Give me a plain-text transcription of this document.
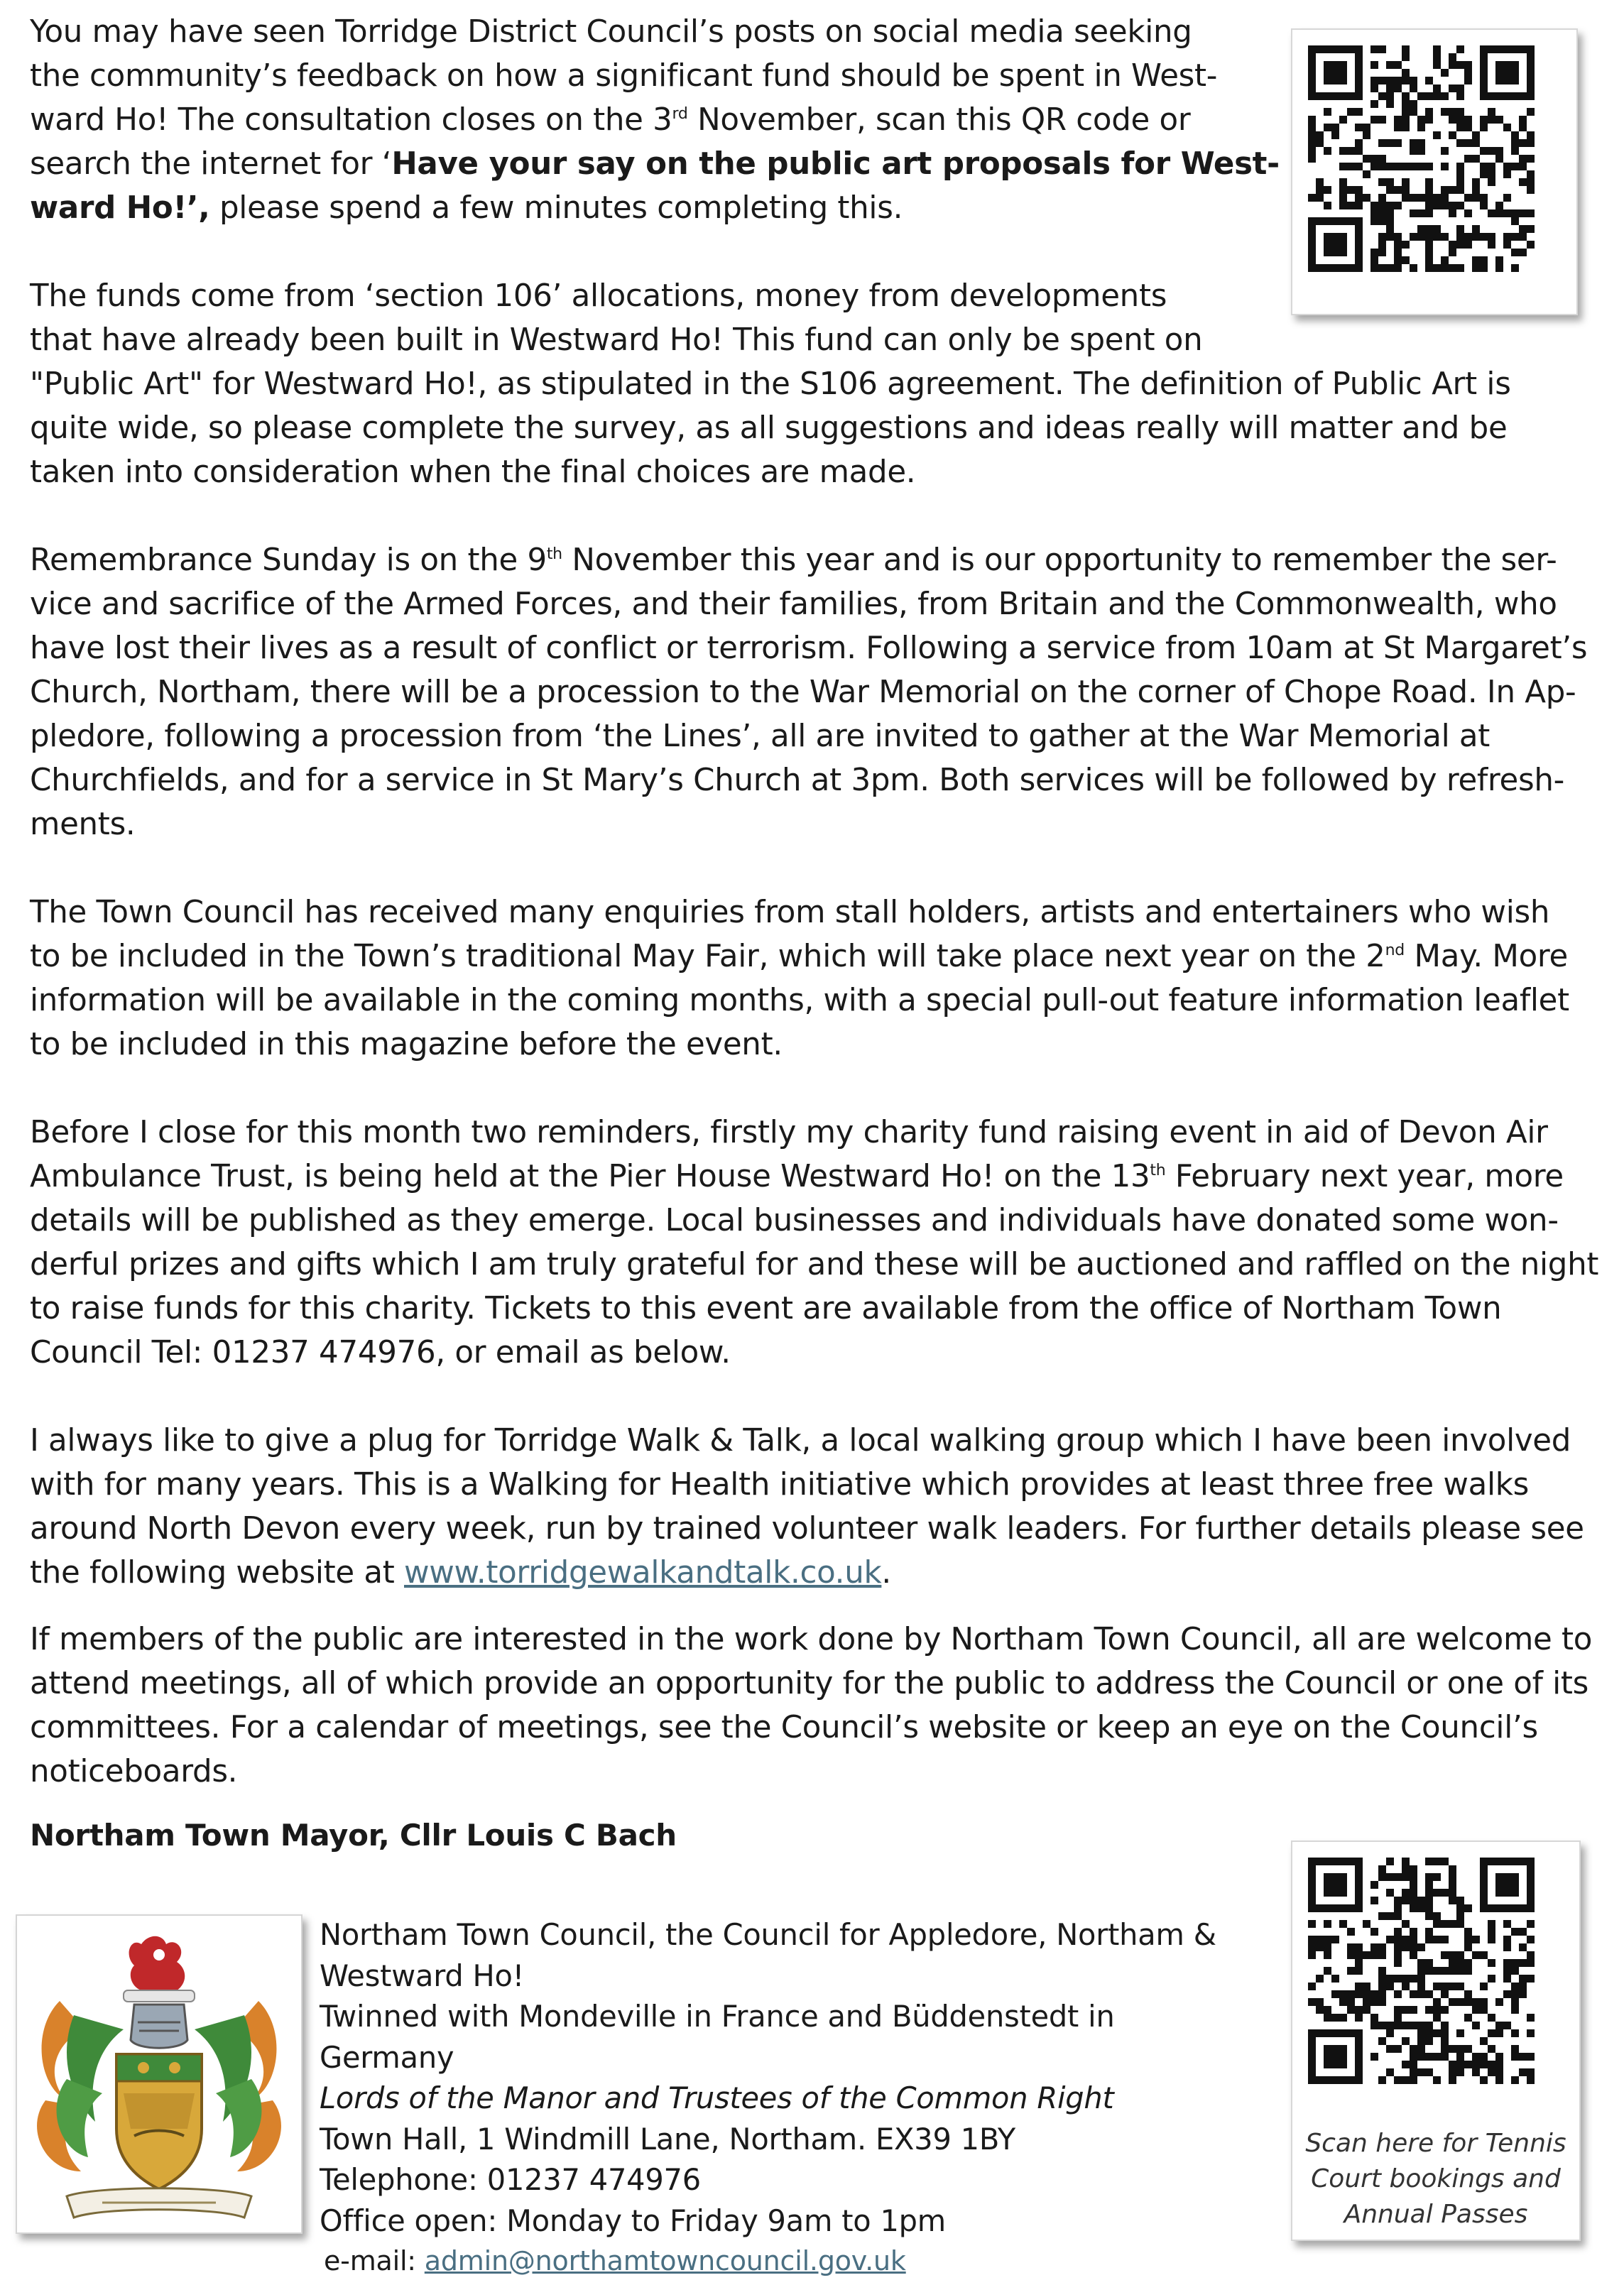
You may have seen Torridge District Council’s posts on social media seeking

the community’s feedback on how a significant fund should be spent in West-

ward Ho! The consultation closes on the 3rd November, scan this QR code or

search the internet for ‘Have your say on the public art proposals for West-

ward Ho!’, please spend a few minutes completing this.

The funds come from ‘section 106’ allocations, money from developments

that have already been built in Westward Ho! This fund can only be spent on

"Public Art" for Westward Ho!, as stipulated in the S106 agreement. The definition of Public Art is

quite wide, so please complete the survey, as all suggestions and ideas really will matter and be

taken into consideration when the final choices are made.

Remembrance Sunday is on the 9th November this year and is our opportunity to remember the ser-

vice and sacrifice of the Armed Forces, and their families, from Britain and the Commonwealth, who

have lost their lives as a result of conflict or terrorism. Following a service from 10am at St Margaret’s

Church, Northam, there will be a procession to the War Memorial on the corner of Chope Road. In Ap-

pledore, following a procession from ‘the Lines’, all are invited to gather at the War Memorial at

Churchfields, and for a service in St Mary’s Church at 3pm. Both services will be followed by refresh-

ments.

The Town Council has received many enquiries from stall holders, artists and entertainers who wish

to be included in the Town’s traditional May Fair, which will take place next year on the 2nd May. More

information will be available in the coming months, with a special pull-out feature information leaflet

to be included in this magazine before the event.

Before I close for this month two reminders, firstly my charity fund raising event in aid of Devon Air

Ambulance Trust, is being held at the Pier House Westward Ho! on the 13th February next year, more

details will be published as they emerge. Local businesses and individuals have donated some won-

derful prizes and gifts which I am truly grateful for and these will be auctioned and raffled on the night

to raise funds for this charity. Tickets to this event are available from the office of Northam Town

Council Tel: 01237 474976, or email as below.

I always like to give a plug for Torridge Walk & Talk, a local walking group which I have been involved

with for many years. This is a Walking for Health initiative which provides at least three free walks

around North Devon every week, run by trained volunteer walk leaders. For further details please see

the following website at www.torridgewalkandtalk.co.uk.

If members of the public are interested in the work done by Northam Town Council, all are welcome to

attend meetings, all of which provide an opportunity for the public to address the Council or one of its

committees. For a calendar of meetings, see the Council’s website or keep an eye on the Council’s

noticeboards.

Northam Town Mayor, Cllr Louis C Bach

Scan here for Tennis
Court bookings and
Annual Passes

Northam Town Council, the Council for Appledore, Northam &

Westward Ho!

Twinned with Mondeville in France and Büddenstedt in

Germany

Lords of the Manor and Trustees of the Common Right

Town Hall, 1 Windmill Lane, Northam. EX39 1BY

Telephone: 01237 474976

Office open: Monday to Friday 9am to 1pm

e-mail: admin@northamtowncouncil.gov.uk
